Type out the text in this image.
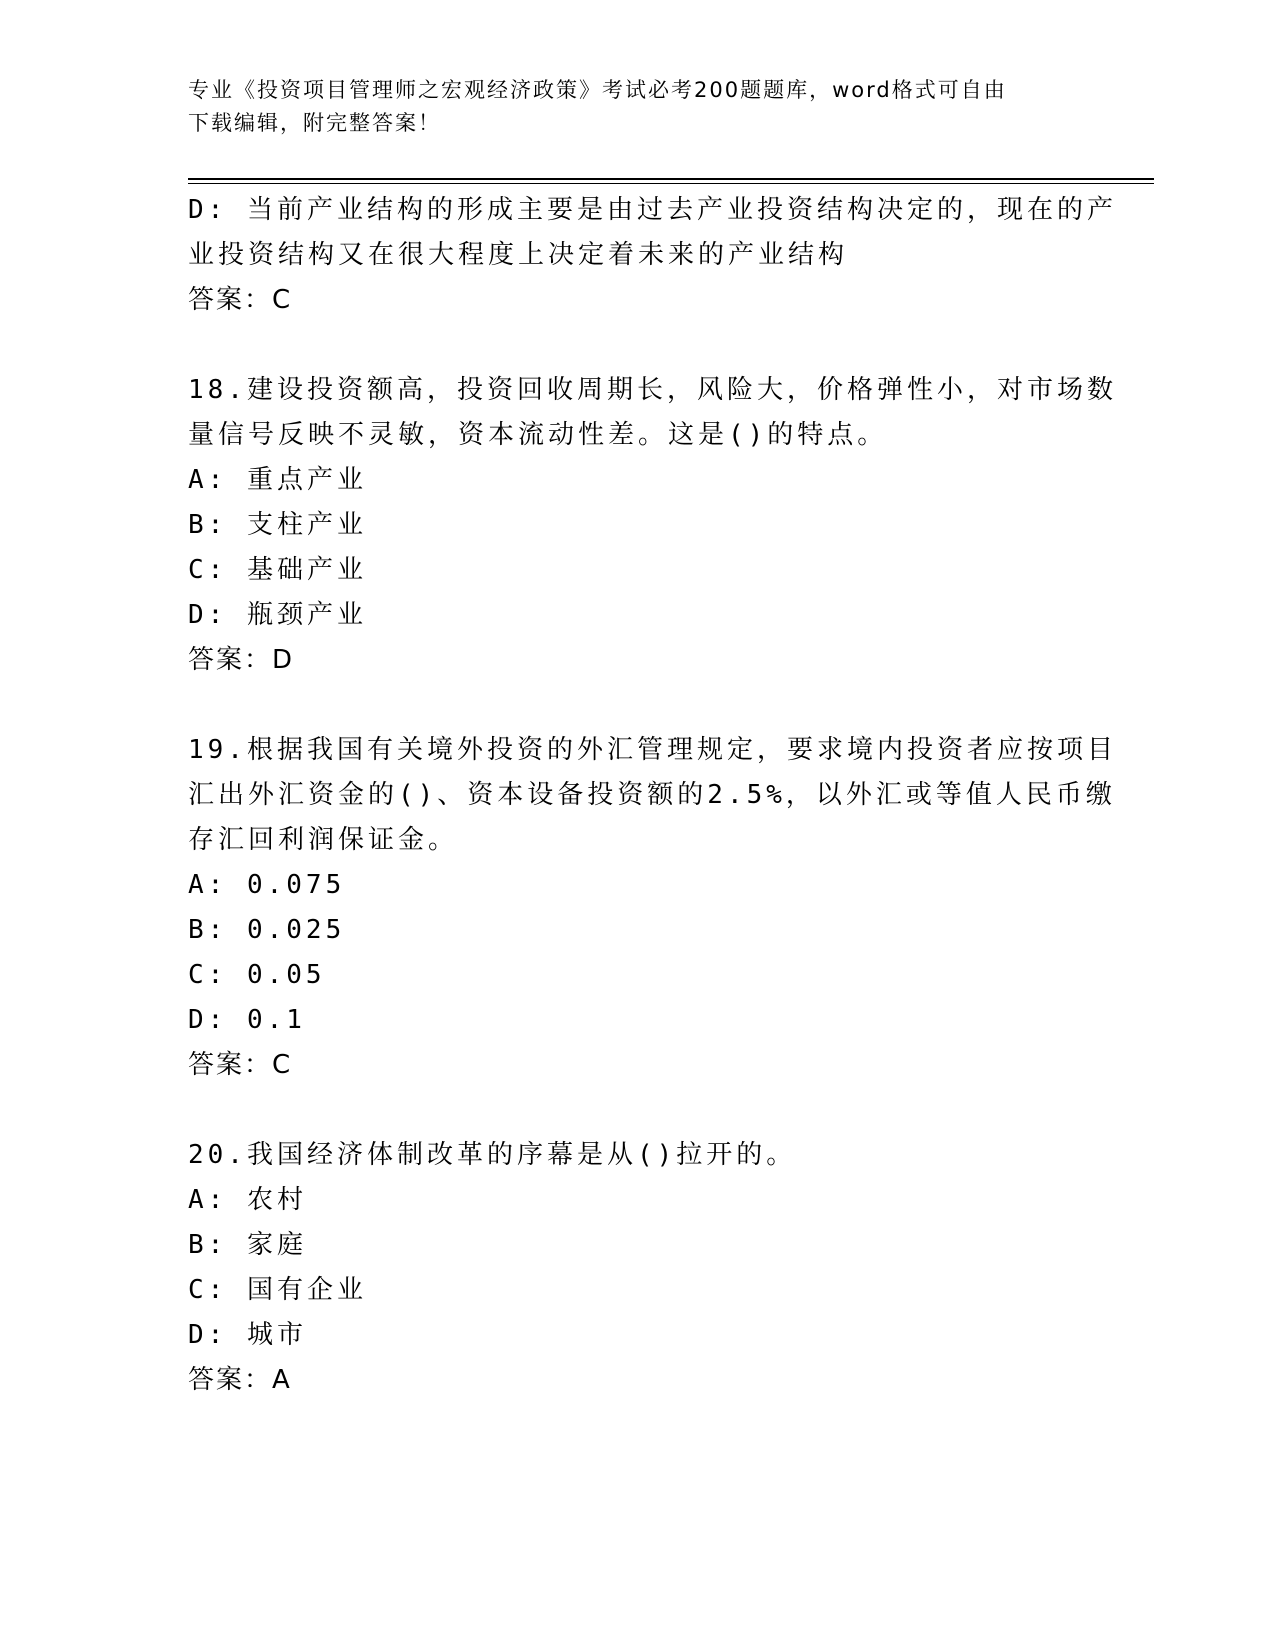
专业《投资项目管理师之宏观经济政策》考试必考200题题库，word格式可自由
下载编辑，附完整答案！
D: 当前产业结构的形成主要是由过去产业投资结构决定的，现在的产
业投资结构又在很大程度上决定着未来的产业结构
答案：C
18.建设投资额高，投资回收周期长，风险大，价格弹性小，对市场数
量信号反映不灵敏，资本流动性差。这是()的特点。
A: 重点产业
B: 支柱产业
C: 基础产业
D: 瓶颈产业
答案：D
19.根据我国有关境外投资的外汇管理规定，要求境内投资者应按项目
汇出外汇资金的()、资本设备投资额的2.5%，以外汇或等值人民币缴
存汇回利润保证金。
A: 0.075
B: 0.025
C: 0.05
D: 0.1
答案：C
20.我国经济体制改革的序幕是从()拉开的。
A: 农村
B: 家庭
C: 国有企业
D: 城市
答案：A
